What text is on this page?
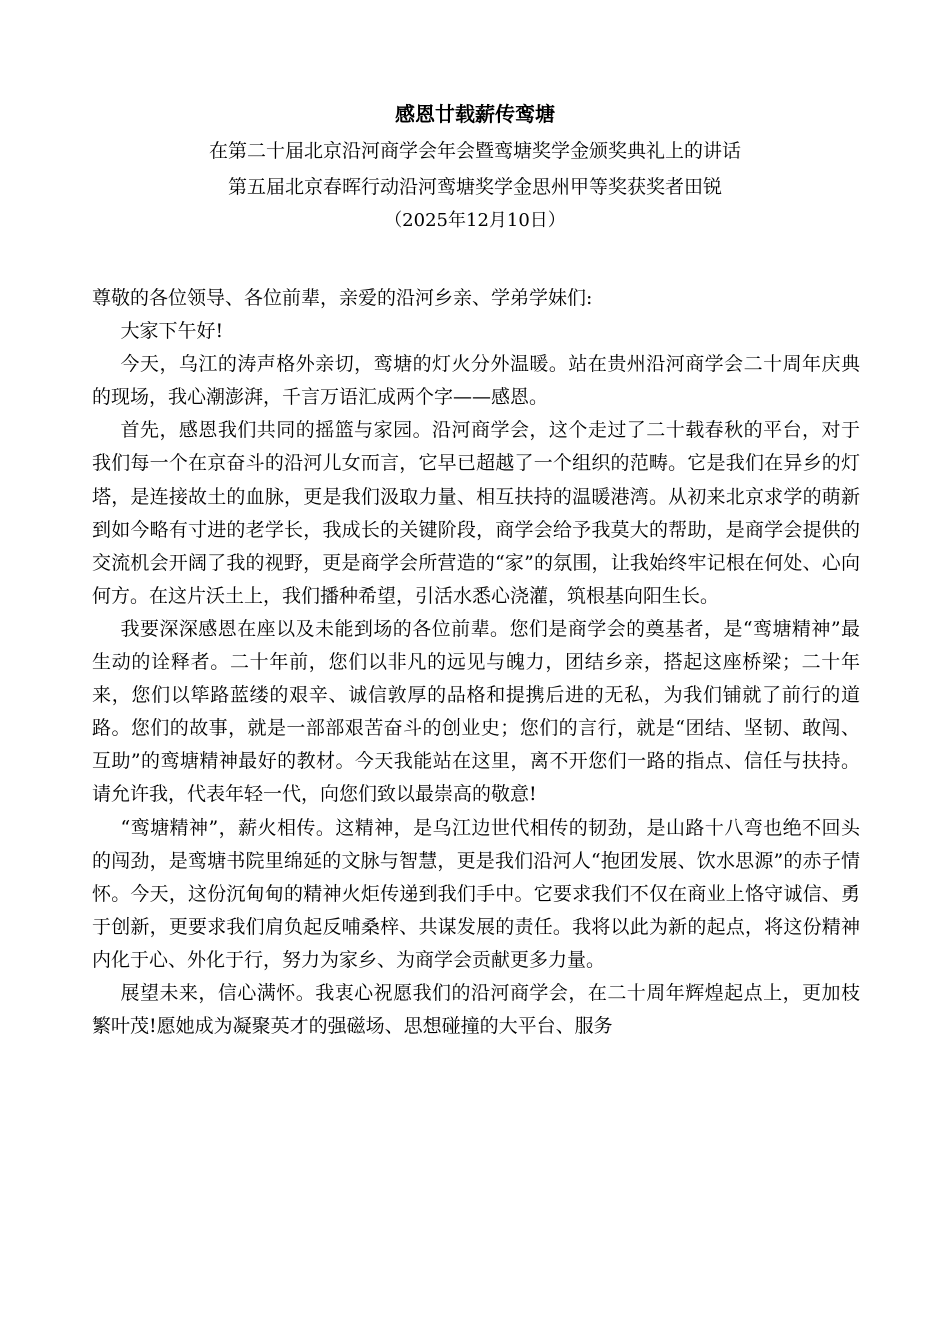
感恩廿载薪传鸾塘
在第二十届北京沿河商学会年会暨鸾塘奖学金颁奖典礼上的讲话
第五届北京春晖行动沿河鸾塘奖学金思州甲等奖获奖者田锐
（2025年12月10日）

尊敬的各位领导、各位前辈，亲爱的沿河乡亲、学弟学妹们:

大家下午好!

今天，乌江的涛声格外亲切，鸾塘的灯火分外温暖。站在贵州沿河商学会二十周年庆典的现场，我心潮澎湃，千言万语汇成两个字——感恩。

首先，感恩我们共同的摇篮与家园。沿河商学会，这个走过了二十载春秋的平台，对于我们每一个在京奋斗的沿河儿女而言，它早已超越了一个组织的范畴。它是我们在异乡的灯塔，是连接故土的血脉，更是我们汲取力量、相互扶持的温暖港湾。从初来北京求学的萌新到如今略有寸进的老学长，我成长的关键阶段，商学会给予我莫大的帮助，是商学会提供的交流机会开阔了我的视野，更是商学会所营造的“家”的氛围，让我始终牢记根在何处、心向何方。在这片沃土上，我们播种希望，引活水悉心浇灌，筑根基向阳生长。

我要深深感恩在座以及未能到场的各位前辈。您们是商学会的奠基者，是“鸾塘精神”最生动的诠释者。二十年前，您们以非凡的远见与魄力，团结乡亲，搭起这座桥梁；二十年来，您们以筚路蓝缕的艰辛、诚信敦厚的品格和提携后进的无私，为我们铺就了前行的道路。您们的故事，就是一部部艰苦奋斗的创业史；您们的言行，就是“团结、坚韧、敢闯、互助”的鸾塘精神最好的教材。今天我能站在这里，离不开您们一路的指点、信任与扶持。请允许我，代表年轻一代，向您们致以最崇高的敬意!

“鸾塘精神”，薪火相传。这精神，是乌江边世代相传的韧劲，是山路十八弯也绝不回头的闯劲，是鸾塘书院里绵延的文脉与智慧，更是我们沿河人“抱团发展、饮水思源”的赤子情怀。今天，这份沉甸甸的精神火炬传递到我们手中。它要求我们不仅在商业上恪守诚信、勇于创新，更要求我们肩负起反哺桑梓、共谋发展的责任。我将以此为新的起点，将这份精神内化于心、外化于行，努力为家乡、为商学会贡献更多力量。

展望未来，信心满怀。我衷心祝愿我们的沿河商学会，在二十周年辉煌起点上，更加枝繁叶茂!愿她成为凝聚英才的强磁场、思想碰撞的大平台、服务
